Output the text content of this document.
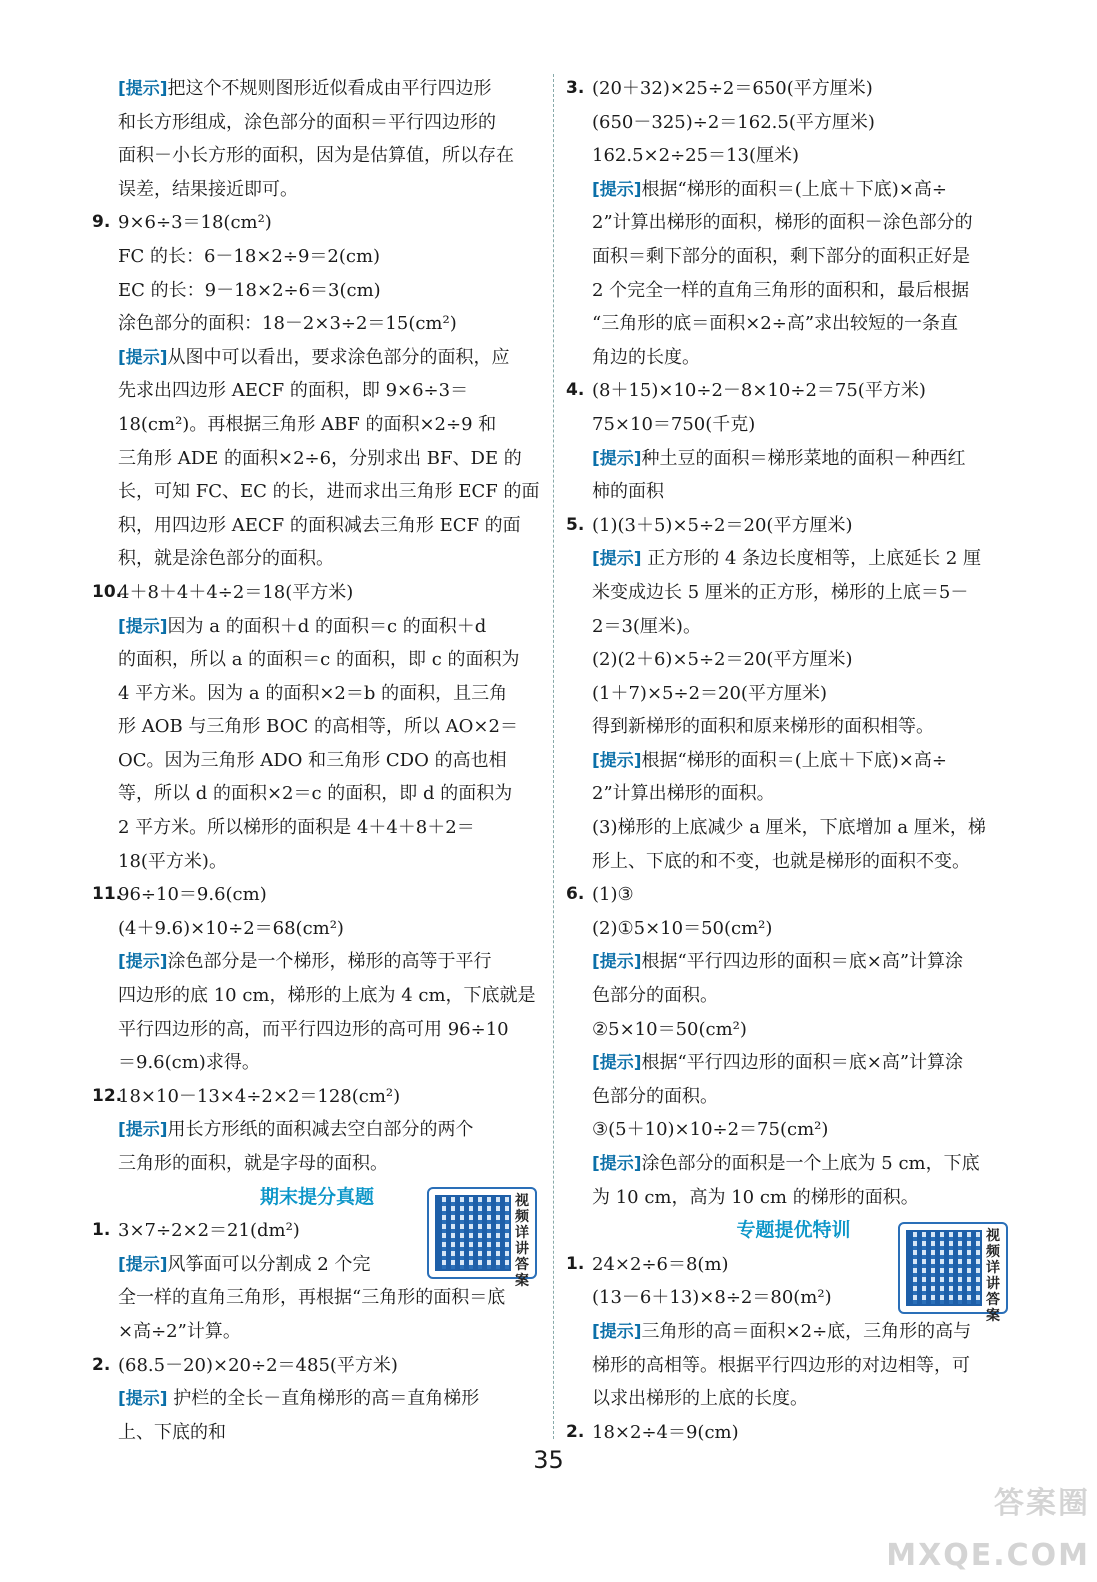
[提示]把这个不规则图形近似看成由平行四边形
和长方形组成，涂色部分的面积＝平行四边形的
面积－小长方形的面积，因为是估算值，所以存在
误差，结果接近即可。
9. 9×6÷3＝18(cm²)
FC 的长：6－18×2÷9＝2(cm)
EC 的长：9－18×2÷6＝3(cm)
涂色部分的面积：18－2×3÷2＝15(cm²)
[提示]从图中可以看出，要求涂色部分的面积，应
先求出四边形 AECF 的面积，即 9×6÷3＝
18(cm²)。再根据三角形 ABF 的面积×2÷9 和
三角形 ADE 的面积×2÷6，分别求出 BF、DE 的
长，可知 FC、EC 的长，进而求出三角形 ECF 的面
积，用四边形 AECF 的面积减去三角形 ECF 的面
积，就是涂色部分的面积。
10.
4＋8＋4＋4÷2＝18(平方米)
[提示]因为 a 的面积＋d 的面积＝c 的面积＋d
的面积，所以 a 的面积＝c 的面积，即 c 的面积为
4 平方米。因为 a 的面积×2＝b 的面积，且三角
形 AOB 与三角形 BOC 的高相等，所以 AO×2＝
OC。因为三角形 ADO 和三角形 CDO 的高也相
等，所以 d 的面积×2＝c 的面积，即 d 的面积为
2 平方米。所以梯形的面积是 4＋4＋8＋2＝
18(平方米)。
11.
96÷10＝9.6(cm)
(4＋9.6)×10÷2＝68(cm²)
[提示]涂色部分是一个梯形，梯形的高等于平行
四边形的底 10 cm，梯形的上底为 4 cm，下底就是
平行四边形的高，而平行四边形的高可用 96÷10
＝9.6(cm)求得。
12.
18×10－13×4÷2×2＝128(cm²)
[提示]用长方形纸的面积减去空白部分的两个
三角形的面积，就是字母的面积。
期末提分真题
1. 3×7÷2×2＝21(dm²)
[提示]风筝面可以分割成 2 个完
全一样的直角三角形，再根据“三角形的面积＝底
×高÷2”计算。
2. (68.5－20)×20÷2＝485(平方米)
[提示] 护栏的全长－直角梯形的高＝直角梯形
上、下底的和
3. (20＋32)×25÷2＝650(平方厘米)
(650－325)÷2＝162.5(平方厘米)
162.5×2÷25＝13(厘米)
[提示]根据“梯形的面积＝(上底＋下底)×高÷
2”计算出梯形的面积，梯形的面积－涂色部分的
面积＝剩下部分的面积，剩下部分的面积正好是
2 个完全一样的直角三角形的面积和，最后根据
“三角形的底＝面积×2÷高”求出较短的一条直
角边的长度。
4. (8＋15)×10÷2－8×10÷2＝75(平方米)
75×10＝750(千克)
[提示]种土豆的面积＝梯形菜地的面积－种西红
柿的面积
5. (1)(3＋5)×5÷2＝20(平方厘米)
[提示] 正方形的 4 条边长度相等，上底延长 2 厘
米变成边长 5 厘米的正方形，梯形的上底＝5－
2＝3(厘米)。
(2)(2＋6)×5÷2＝20(平方厘米)
(1＋7)×5÷2＝20(平方厘米)
得到新梯形的面积和原来梯形的面积相等。
[提示]根据“梯形的面积＝(上底＋下底)×高÷
2”计算出梯形的面积。
(3)梯形的上底减少 a 厘米，下底增加 a 厘米，梯
形上、下底的和不变，也就是梯形的面积不变。
6. (1)③
(2)①5×10＝50(cm²)
[提示]根据“平行四边形的面积＝底×高”计算涂
色部分的面积。
②5×10＝50(cm²)
[提示]根据“平行四边形的面积＝底×高”计算涂
色部分的面积。
③(5＋10)×10÷2＝75(cm²)
[提示]涂色部分的面积是一个上底为 5 cm，下底
为 10 cm，高为 10 cm 的梯形的面积。
专题提优特训
1. 24×2÷6＝8(m)
(13－6＋13)×8÷2＝80(m²)
[提示]三角形的高＝面积×2÷底，三角形的高与
梯形的高相等。根据平行四边形的对边相等，可
以求出梯形的上底的长度。
2. 18×2÷4＝9(cm)
视频详讲答案
视频详讲答案
35
答案圈 MXQE.COM
